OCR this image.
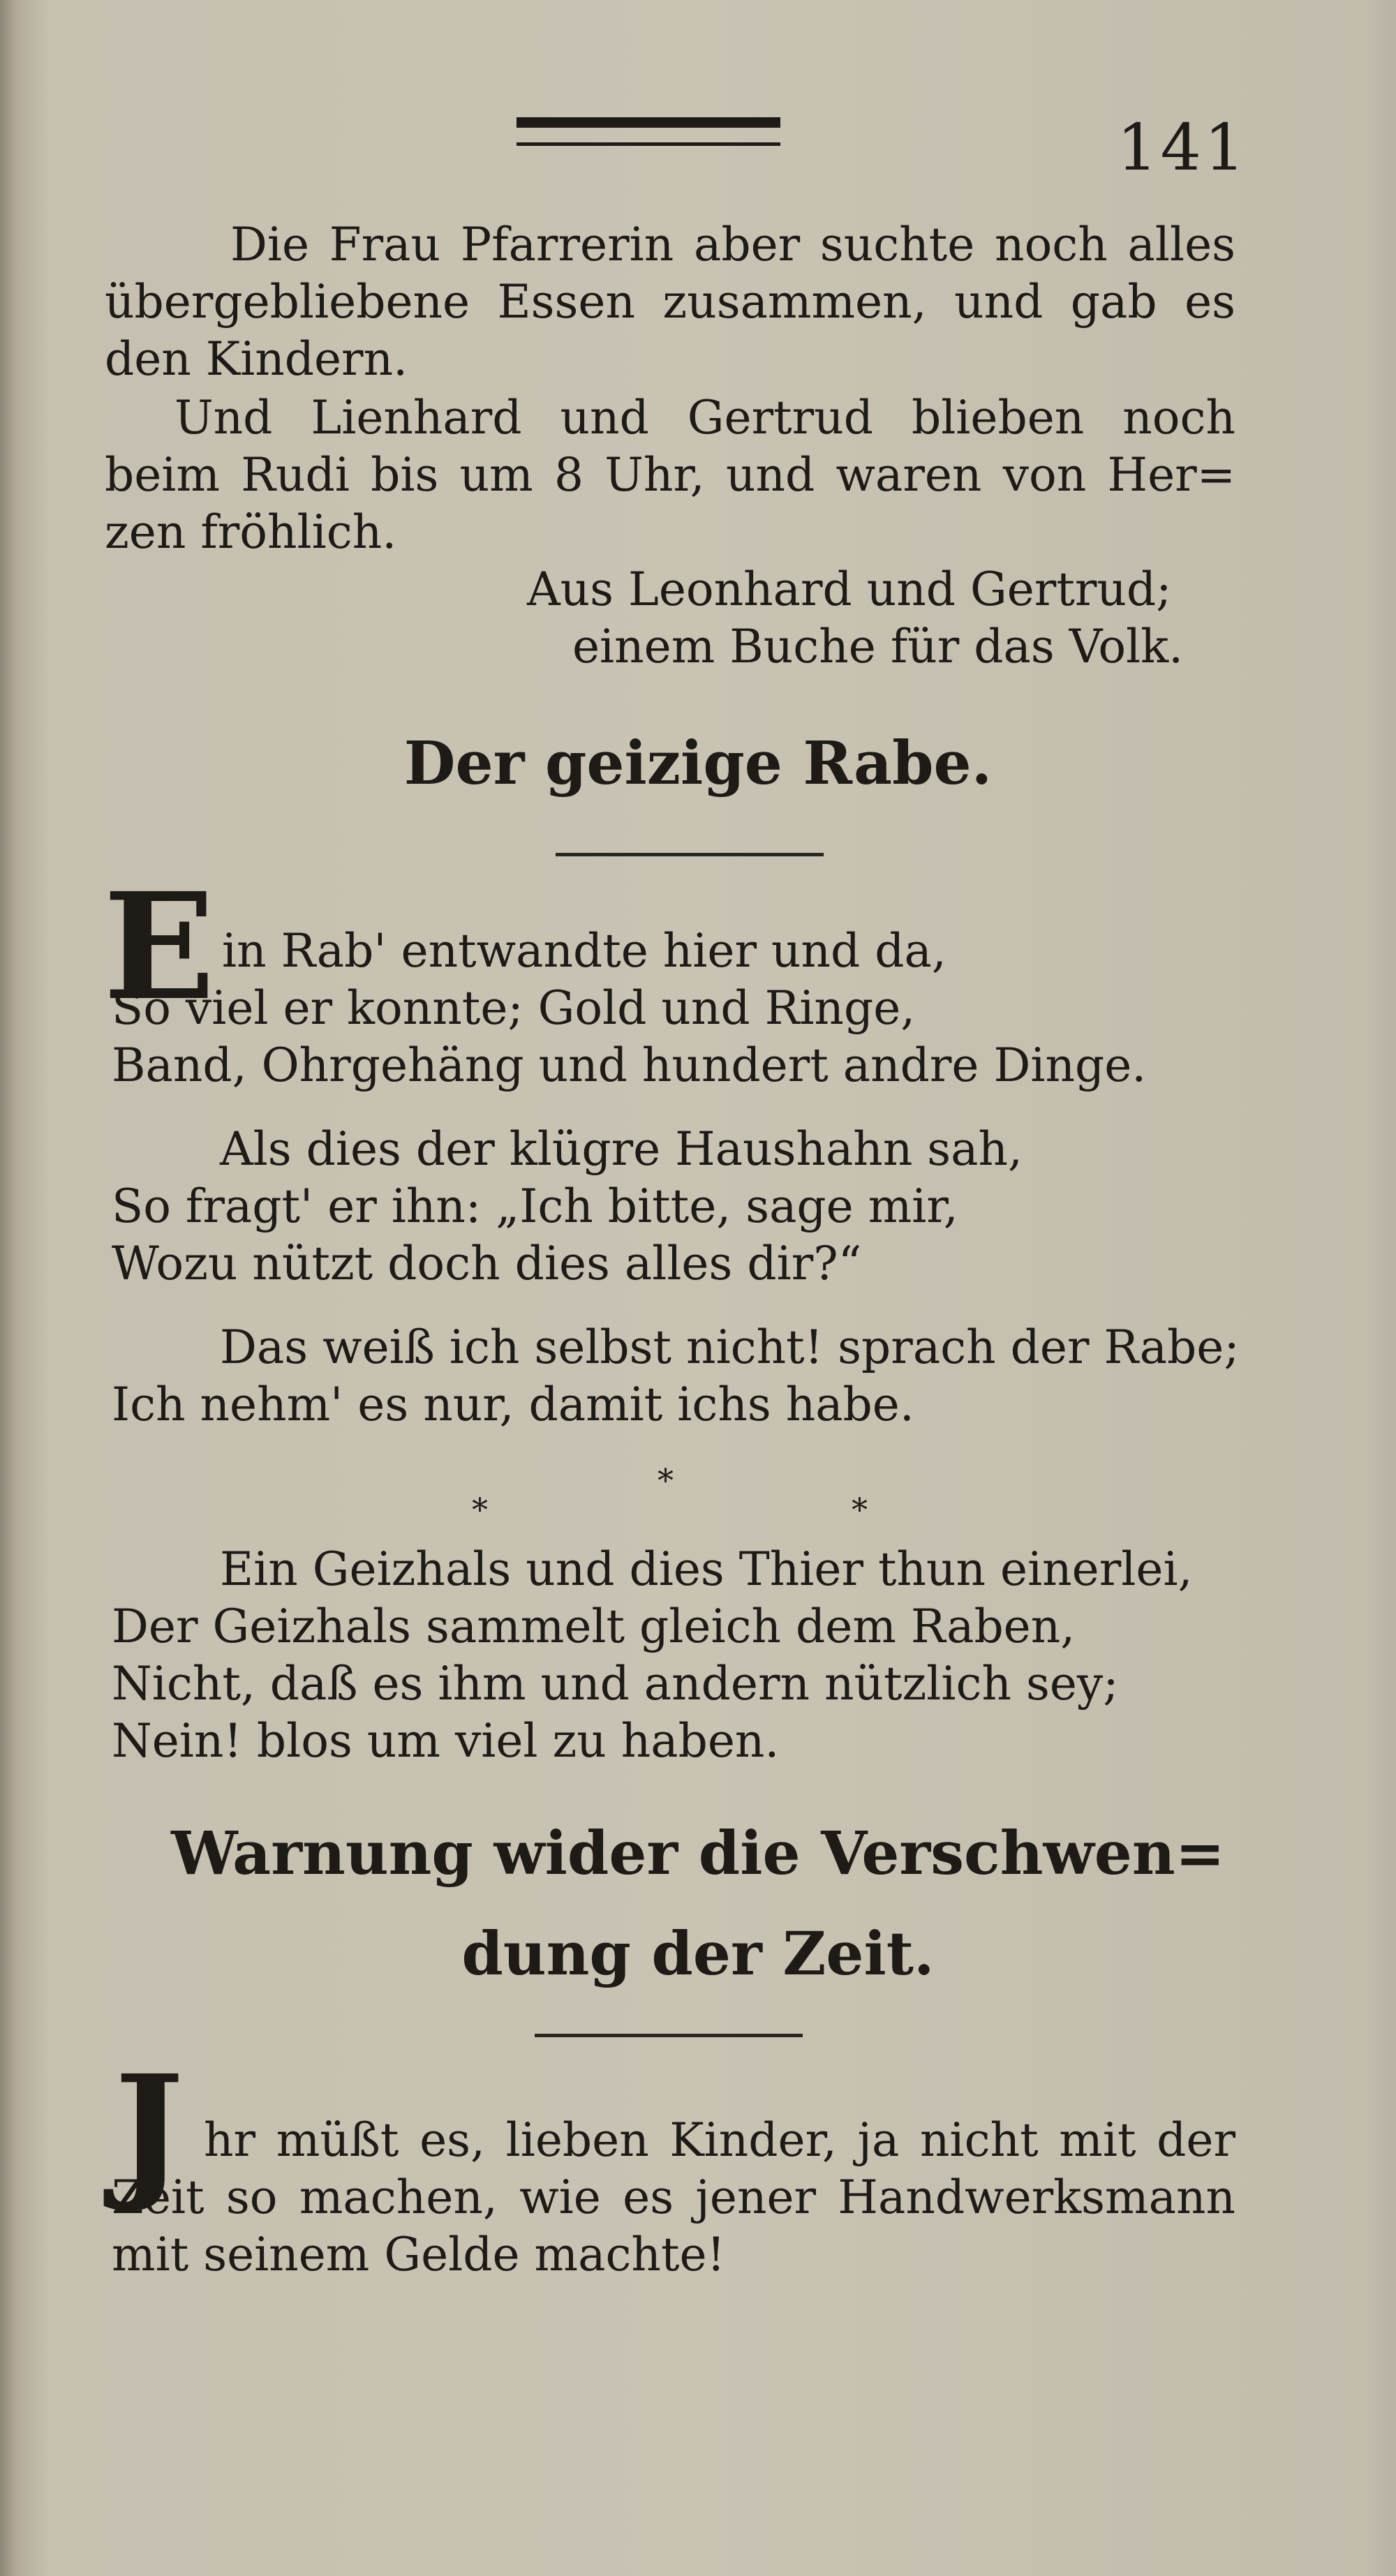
141
Die Frau Pfarrerin aber suchte noch alles
übergebliebene Essen zusammen, und gab es
den Kindern.
Und Lienhard und Gertrud blieben noch
beim Rudi bis um 8 Uhr, und waren von Her=
zen fröhlich.
Aus Leonhard und Gertrud;
einem Buche für das Volk.
Der geizige Rabe.
E in Rab' entwandte hier und da,
So viel er konnte; Gold und Ringe,
Band, Ohrgehäng und hundert andre Dinge.
Als dies der klügre Haushahn sah,
So fragt' er ihn: „Ich bitte, sage mir,
Wozu nützt doch dies alles dir?“
Das weiß ich selbst nicht! sprach der Rabe;
Ich nehm' es nur, damit ichs habe.
*
*	*
Ein Geizhals und dies Thier thun einerlei,
Der Geizhals sammelt gleich dem Raben,
Nicht, daß es ihm und andern nützlich sey;
Nein! blos um viel zu haben.
Warnung wider die Verschwen=
dung der Zeit.
J hr müßt es, lieben Kinder, ja nicht mit der
Zeit so machen, wie es jener Handwerksmann
mit seinem Gelde machte!
